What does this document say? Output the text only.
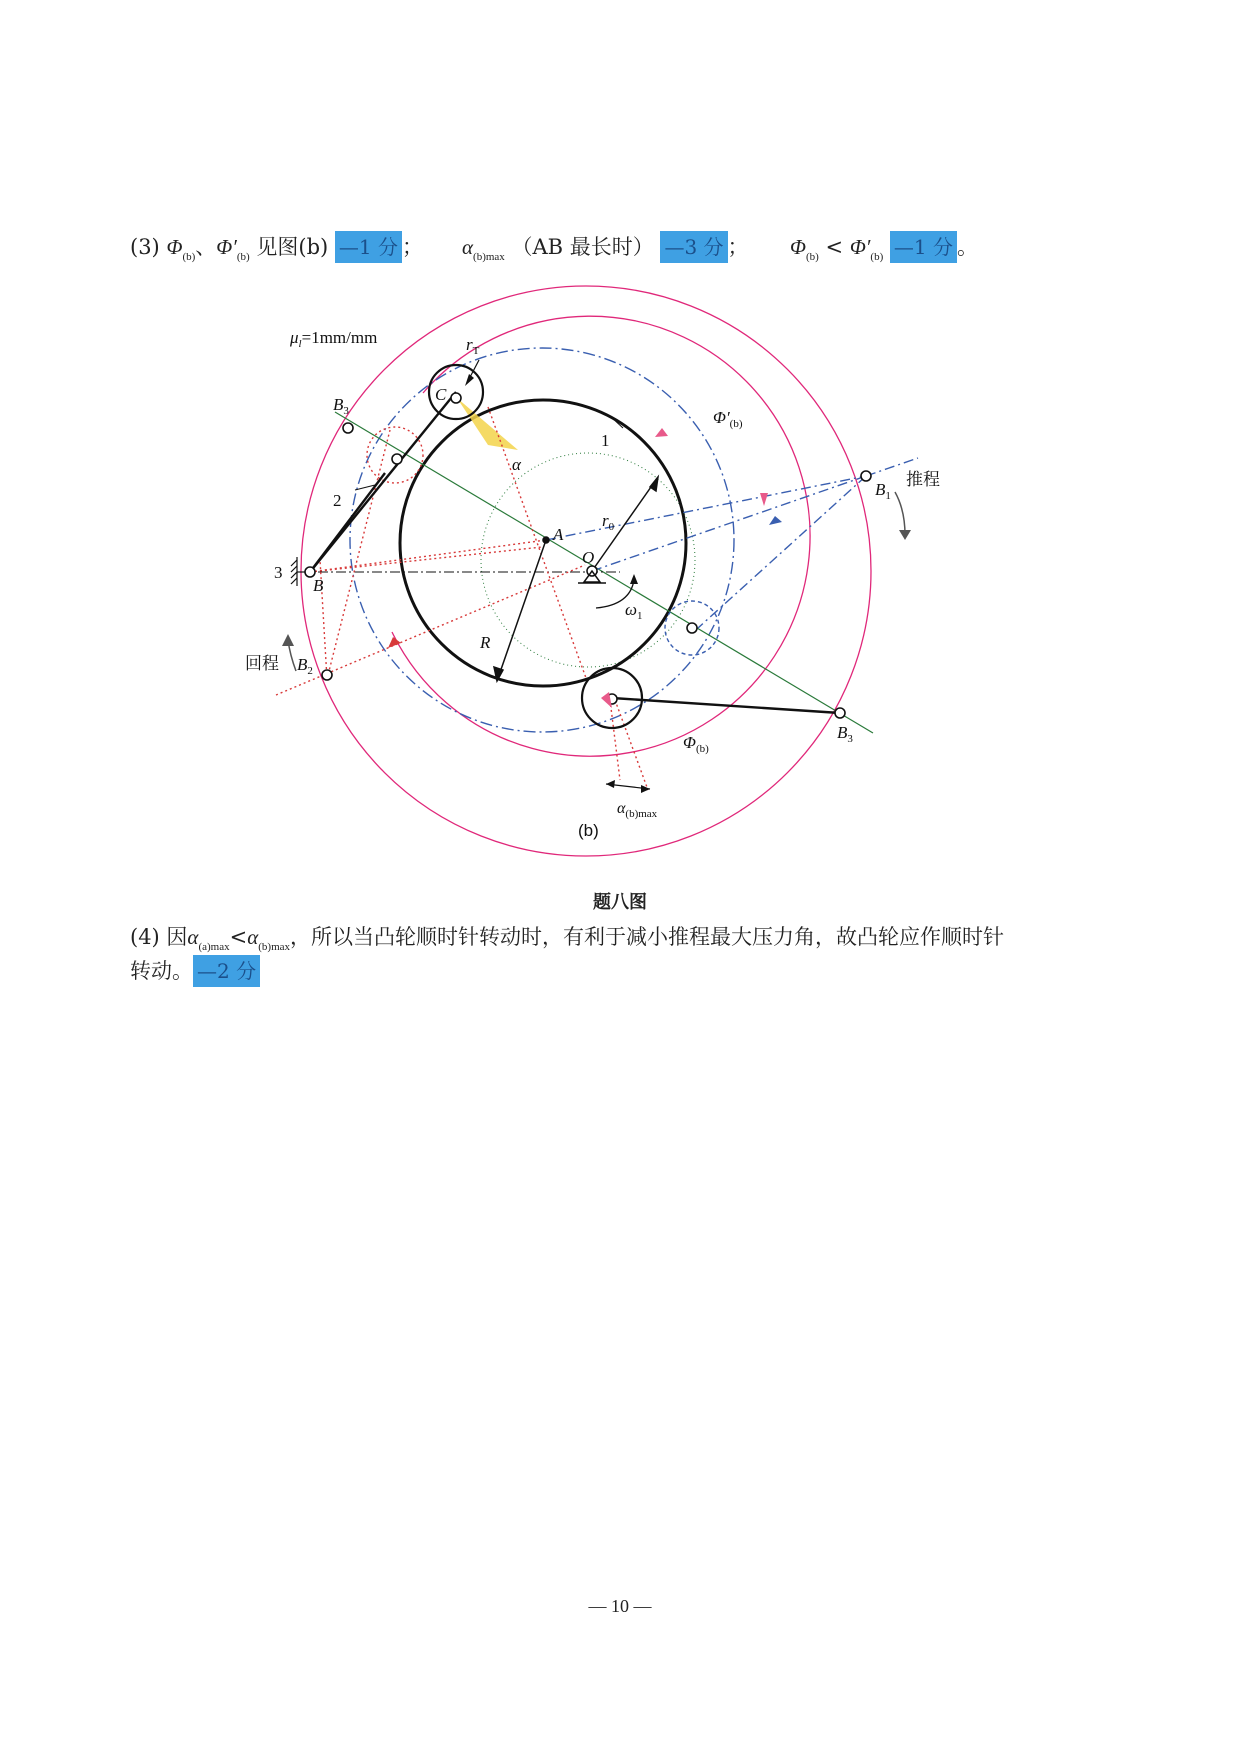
(3) $\Phi_{(b)}$、$\Phi'_{(b)}$ 见图(b) —1 分 ； $\alpha_{(b)max}$ （AB 最长时） —3 分 ； $\Phi_{(b)} < \Phi'_{(b)}$ —1 分 。
$\mu_l=1mm/mm$	$r_T$
C
$B_3$
α
1
$\Phi'_{(b)}$
$B_1$
推程
2
$r_0$
A
O
3
B
$\omega_1$
R
回程 $B_2$
$B_3$
$\Phi_{(b)}$
$\alpha_{(b)max}$
(b)
题八图
(4) 因$\alpha_{(a)max}<\alpha_{(b)max}$，所以当凸轮顺时针转动时，有利于减小推程最大压力角，故凸轮应作顺时针
转动。 —2 分
— 10 —
